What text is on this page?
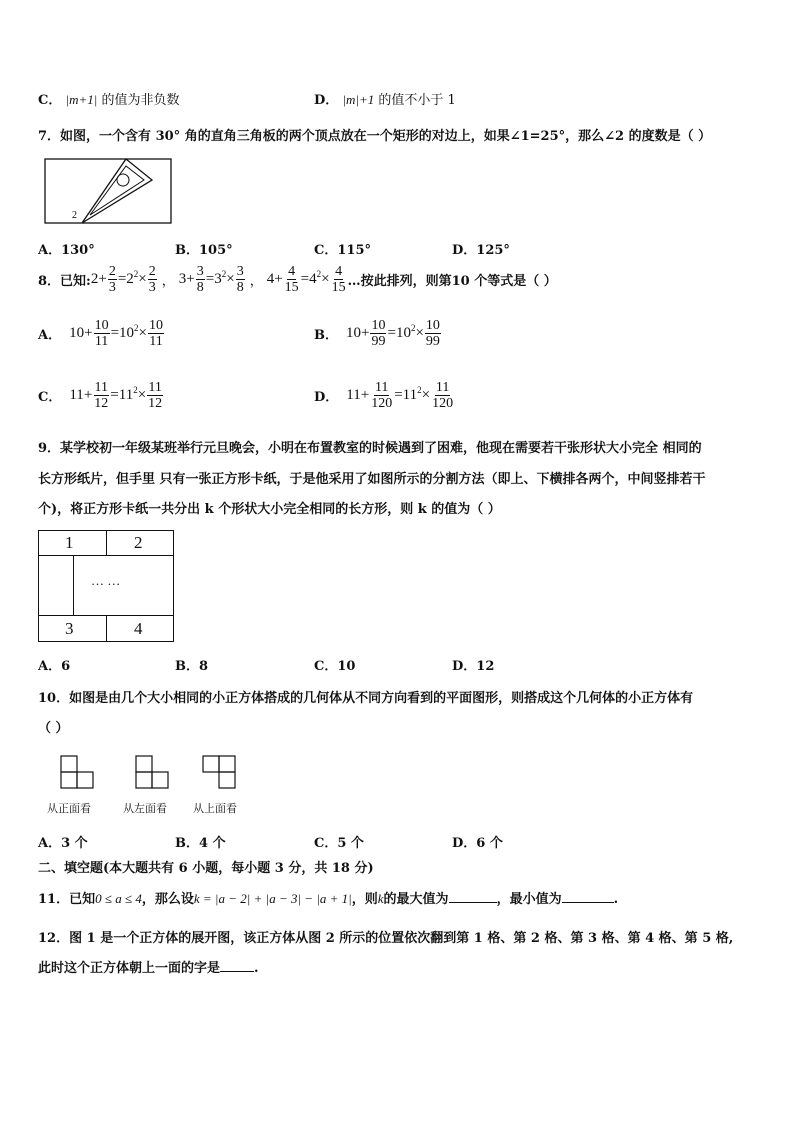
C． |m+1| 的值为非负数	D． |m|+1 的值不小于 1
7．如图，一个含有 30° 角的直角三角板的两个顶点放在一个矩形的对边上，如果∠1=25°，那么∠2 的度数是（ ）
2
A．130°	B．105°	C．115°	D．125°
8．已知: $2+ \frac{2}{3} =2^2\times \frac{2}{3}$ ， $3+ \frac{3}{8} =3^2\times \frac{3}{8}$ ， $4+ \frac{4}{15} =4^2\times \frac{4}{15}$ …按此排列，则第10 个等式是（ ）
A． $10+ \frac{10}{11} =10^2\times \frac{10}{11}$	B． $10+ \frac{10}{99} =10^2\times \frac{10}{99}$
C． $11+ \frac{11}{12} =11^2\times \frac{11}{12}$	D． $11+ \frac{11}{120} =11^2\times \frac{11}{120}$
9．某学校初一年级某班举行元旦晚会，小明在布置教室的时候遇到了困难，他现在需要若干张形状大小完全 相同的
长方形纸片，但手里 只有一张正方形卡纸，于是他采用了如图所示的分割方法（即上、下横排各两个，中间竖排若干
个)，将正方形卡纸一共分出 k 个形状大小完全相同的长方形，则 k 的值为（ ）
1	2
… …
3	4
A．6	B．8	C．10	D．12
10．如图是由几个大小相同的小正方体搭成的几何体从不同方向看到的平面图形，则搭成这个几何体的小正方体有
（ ）
从正面看	从左面看 从上面看
A．3 个	B．4 个	C．5 个	D．6 个
二、填空题(本大题共有 6 小题，每小题 3 分，共 18 分)
11．已知0 ≤ a ≤ 4，那么设k = |a − 2| + |a − 3| − |a + 1|，则k的最大值为	，最小值为	.
12．图 1 是一个正方体的展开图，该正方体从图 2 所示的位置依次翻到第 1 格、第 2 格、第 3 格、第 4 格、第 5 格,
此时这个正方体朝上一面的字是	.
